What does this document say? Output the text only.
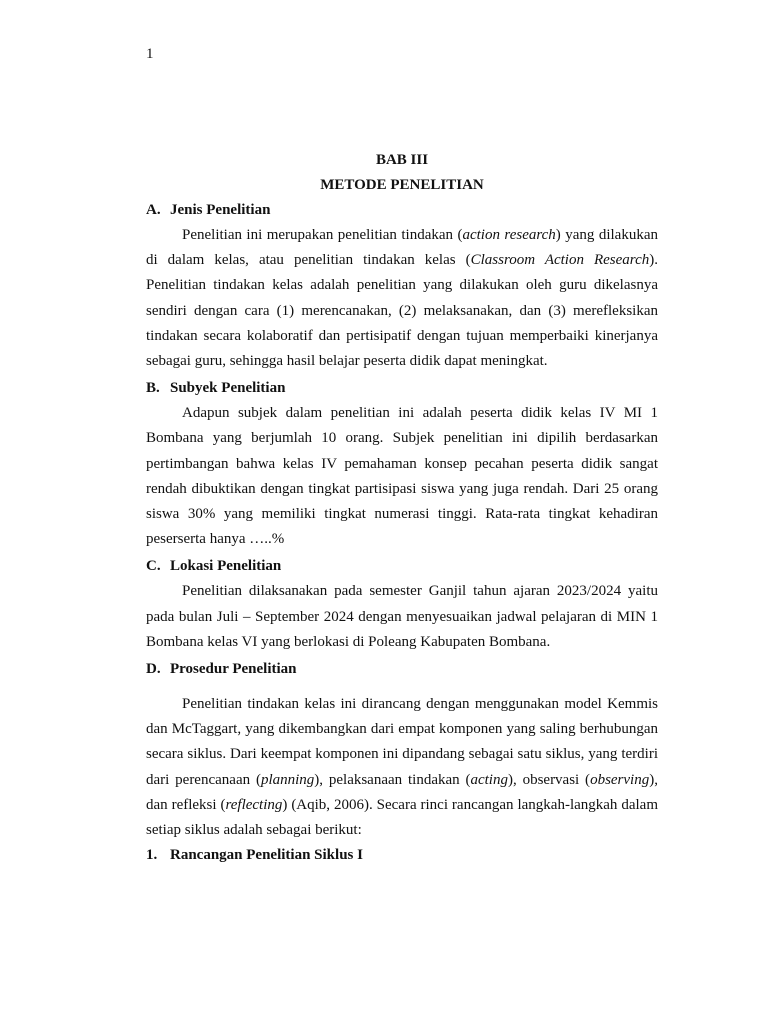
1
BAB III
METODE PENELITIAN
A. Jenis Penelitian

Penelitian ini merupakan penelitian tindakan (action research) yang dilakukan di dalam kelas, atau penelitian tindakan kelas (Classroom Action Research). Penelitian tindakan kelas adalah penelitian yang dilakukan oleh guru dikelasnya sendiri dengan cara (1) merencanakan, (2) melaksanakan, dan (3) merefleksikan tindakan secara kolaboratif dan pertisipatif dengan tujuan memperbaiki kinerjanya sebagai guru, sehingga hasil belajar peserta didik dapat meningkat.

B. Subyek Penelitian

Adapun subjek dalam penelitian ini adalah peserta didik kelas IV MI 1 Bombana yang berjumlah 10 orang. Subjek penelitian ini dipilih berdasarkan pertimbangan bahwa kelas IV pemahaman konsep pecahan peserta didik sangat rendah dibuktikan dengan tingkat partisipasi siswa yang juga rendah. Dari 25 orang siswa 30% yang memiliki tingkat numerasi tinggi. Rata-rata tingkat kehadiran peserserta hanya …..%

C. Lokasi Penelitian

Penelitian dilaksanakan pada semester Ganjil tahun ajaran 2023/2024 yaitu pada bulan Juli – September 2024 dengan menyesuaikan jadwal pelajaran di MIN 1 Bombana kelas VI yang berlokasi di Poleang Kabupaten Bombana.

D. Prosedur Penelitian

Penelitian tindakan kelas ini dirancang dengan menggunakan model Kemmis dan McTaggart, yang dikembangkan dari empat komponen yang saling berhubungan secara siklus. Dari keempat komponen ini dipandang sebagai satu siklus, yang terdiri dari perencanaan (planning), pelaksanaan tindakan (acting), observasi (observing), dan refleksi (reflecting) (Aqib, 2006). Secara rinci rancangan langkah-langkah dalam setiap siklus adalah sebagai berikut:

1. Rancangan Penelitian Siklus I
